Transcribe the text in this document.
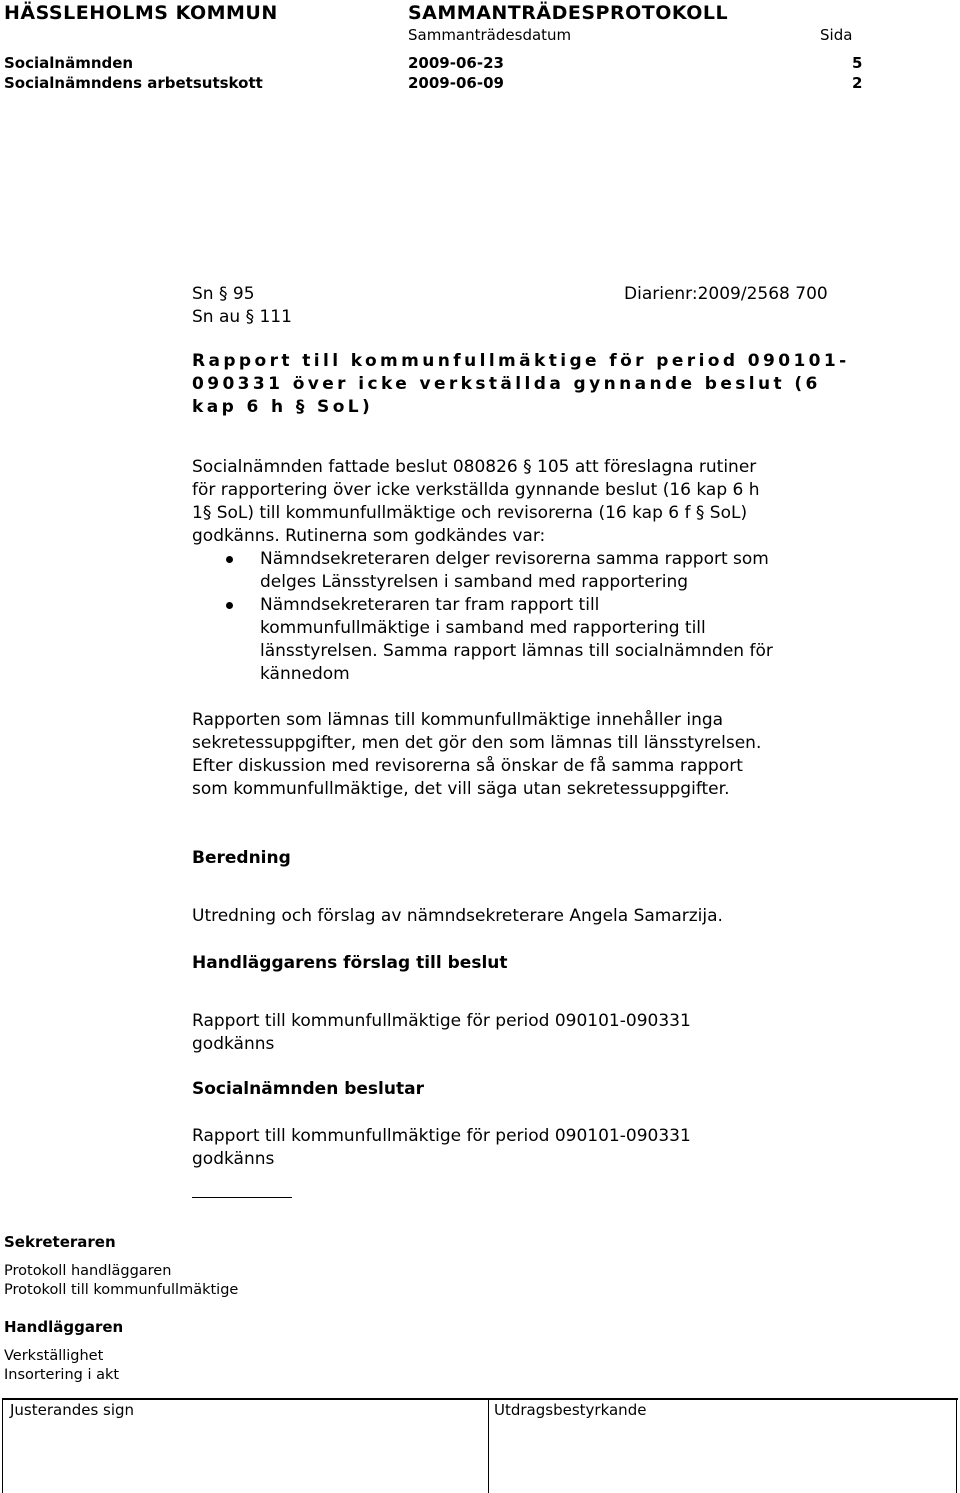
HÄSSLEHOLMS KOMMUN	SAMMANTRÄDESPROTOKOLL
Sammanträdesdatum	Sida
Socialnämnden	2009-06-23	5
Socialnämndens arbetsutskott	2009-06-09	2
Sn § 95
Sn au § 111
Diarienr:2009/2568 700
Rapport till kommunfullmäktige för period 090101-
090331 över icke verkställda gynnande beslut (6
kap 6 h § SoL)
Socialnämnden fattade beslut 080826 § 105 att föreslagna rutiner
för rapportering över icke verkställda gynnande beslut (16 kap 6 h
1§ SoL) till kommunfullmäktige och revisorerna (16 kap 6 f § SoL)
godkänns. Rutinerna som godkändes var:
Nämndsekreteraren delger revisorerna samma rapport som
delges Länsstyrelsen i samband med rapportering
Nämndsekreteraren tar fram rapport till
kommunfullmäktige i samband med rapportering till
länsstyrelsen. Samma rapport lämnas till socialnämnden för
kännedom
Rapporten som lämnas till kommunfullmäktige innehåller inga
sekretessuppgifter, men det gör den som lämnas till länsstyrelsen.
Efter diskussion med revisorerna så önskar de få samma rapport
som kommunfullmäktige, det vill säga utan sekretessuppgifter.
Beredning
Utredning och förslag av nämndsekreterare Angela Samarzija.
Handläggarens förslag till beslut
Rapport till kommunfullmäktige för period 090101-090331
godkänns
Socialnämnden beslutar
Rapport till kommunfullmäktige för period 090101-090331
godkänns
Sekreteraren
Protokoll handläggaren
Protokoll till kommunfullmäktige
Handläggaren
Verkställighet
Insortering i akt
Justerandes sign	Utdragsbestyrkande
